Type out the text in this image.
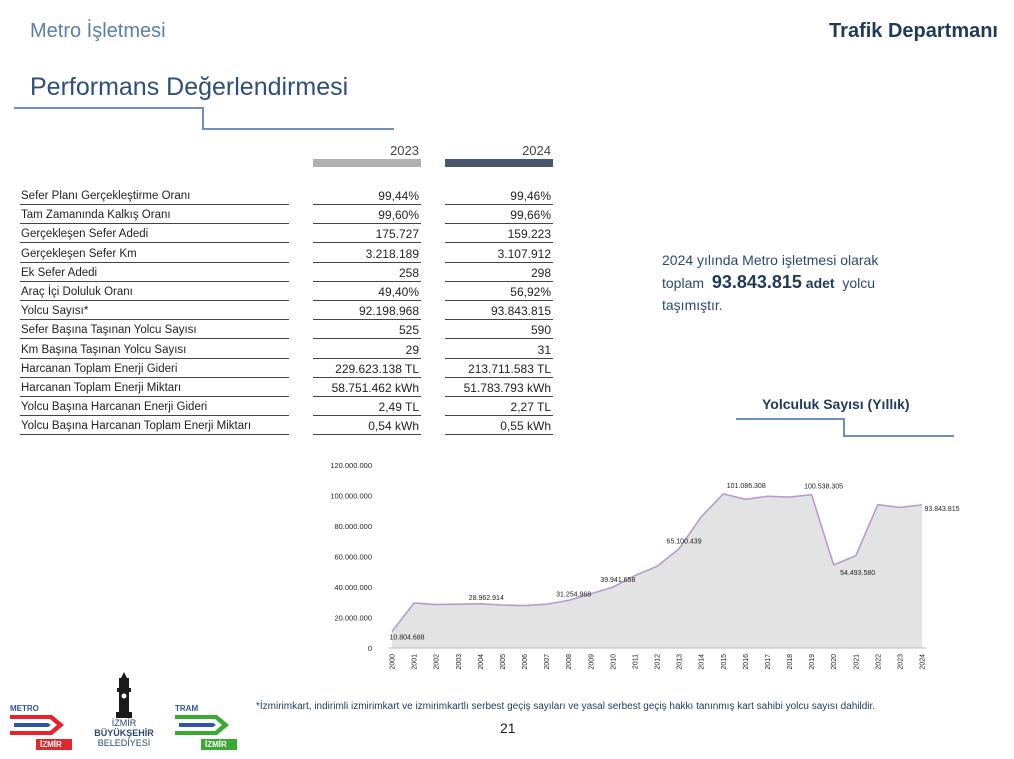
Metro İşletmesi	Trafik Departmanı
Performans Değerlendirmesi
2023	2024
Sefer Planı Gerçekleştirme Oranı	99,44%	99,46%
Tam Zamanında Kalkış Oranı	99,60%	99,66%
Gerçekleşen Sefer Adedi	175.727	159.223
Gerçekleşen Sefer Km	3.218.189	3.107.912
Ek Sefer Adedi	258	298
Araç İçi Doluluk Oranı	49,40%	56,92%
Yolcu Sayısı*	92.198.968	93.843.815
Sefer Başına Taşınan Yolcu Sayısı	525	590
Km Başına Taşınan Yolcu Sayısı	29	31
Harcanan Toplam Enerji Gideri	229.623.138 TL	213.711.583 TL
Harcanan Toplam Enerji Miktarı	58.751.462 kWh	51.783.793 kWh
Yolcu Başına Harcanan Enerji Gideri	2,49 TL	2,27 TL
Yolcu Başına Harcanan Toplam Enerji Miktarı	0,54 kWh	0,55 kWh
2024 yılında Metro işletmesi olarak
toplam 93.843.815 adet yolcu
taşımıştır.
Yolculuk Sayısı (Yıllık)
0
20.000.000
40.000.000
60.000.000
80.000.000
100.000.000
120.000.000
2000 2001 2002 2003 2004 2005 2006 2007 2008 2009 2010 2011 2012 2013 2014 2015 2016 2017 2018 2019 2020 2021 2022 2023 2024
10.804.688
28.962.914	31.254.968
39.941.658
65.100.439
101.086.308	100.538.305
54.493.580
93.843.815
*İzmirimkart, indirimli izmirimkart ve izmirimkartlı serbest geçiş sayıları ve yasal serbest geçiş hakkı tanınmış kart sahibi yolcu sayısı dahildir.
21
METRO
İZMİR
İZMİR
BÜYÜKŞEHİR
BELEDİYESİ
TRAM
İZMİR
